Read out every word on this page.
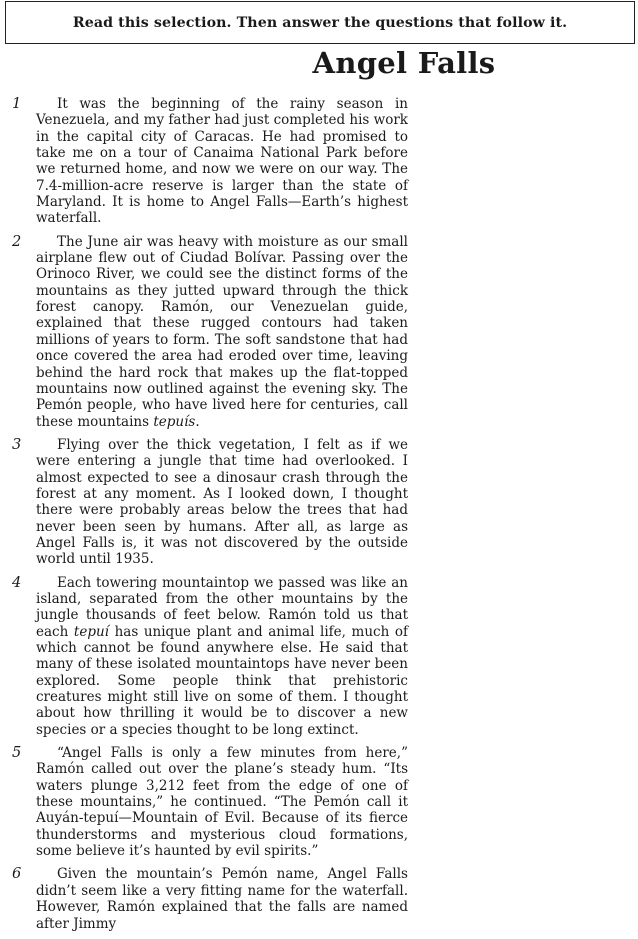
Read this selection. Then answer the questions that follow it.
Angel Falls
1	It was the beginning of the rainy season in Venezuela, and my father had just completed his work in the capital city of Caracas. He had promised to take me on a tour of Canaima National Park before we returned home, and now we were on our way. The 7.4-million-acre reserve is larger than the state of Maryland. It is home to Angel Falls—Earth’s highest waterfall.
2	The June air was heavy with moisture as our small airplane flew out of Ciudad Bolívar. Passing over the Orinoco River, we could see the distinct forms of the mountains as they jutted upward through the thick forest canopy. Ramón, our Venezuelan guide, explained that these rugged contours had taken millions of years to form. The soft sandstone that had once covered the area had eroded over time, leaving behind the hard rock that makes up the flat-topped mountains now outlined against the evening sky. The Pemón people, who have lived here for centuries, call these mountains tepuís.
3	Flying over the thick vegetation, I felt as if we were entering a jungle that time had overlooked. I almost expected to see a dinosaur crash through the forest at any moment. As I looked down, I thought there were probably areas below the trees that had never been seen by humans. After all, as large as Angel Falls is, it was not discovered by the outside world until 1935.
4	Each towering mountaintop we passed was like an island, separated from the other mountains by the jungle thousands of feet below. Ramón told us that each tepuí has unique plant and animal life, much of which cannot be found anywhere else. He said that many of these isolated mountaintops have never been explored. Some people think that prehistoric creatures might still live on some of them. I thought about how thrilling it would be to discover a new species or a species thought to be long extinct.
5	“Angel Falls is only a few minutes from here,” Ramón called out over the plane’s steady hum. “Its waters plunge 3,212 feet from the edge of one of these mountains,” he continued. “The Pemón call it Auyán-tepuí—Mountain of Evil. Because of its fierce thunderstorms and mysterious cloud formations, some believe it’s haunted by evil spirits.”
6	Given the mountain’s Pemón name, Angel Falls didn’t seem like a very fitting name for the waterfall. However, Ramón explained that the falls are named after Jimmy
